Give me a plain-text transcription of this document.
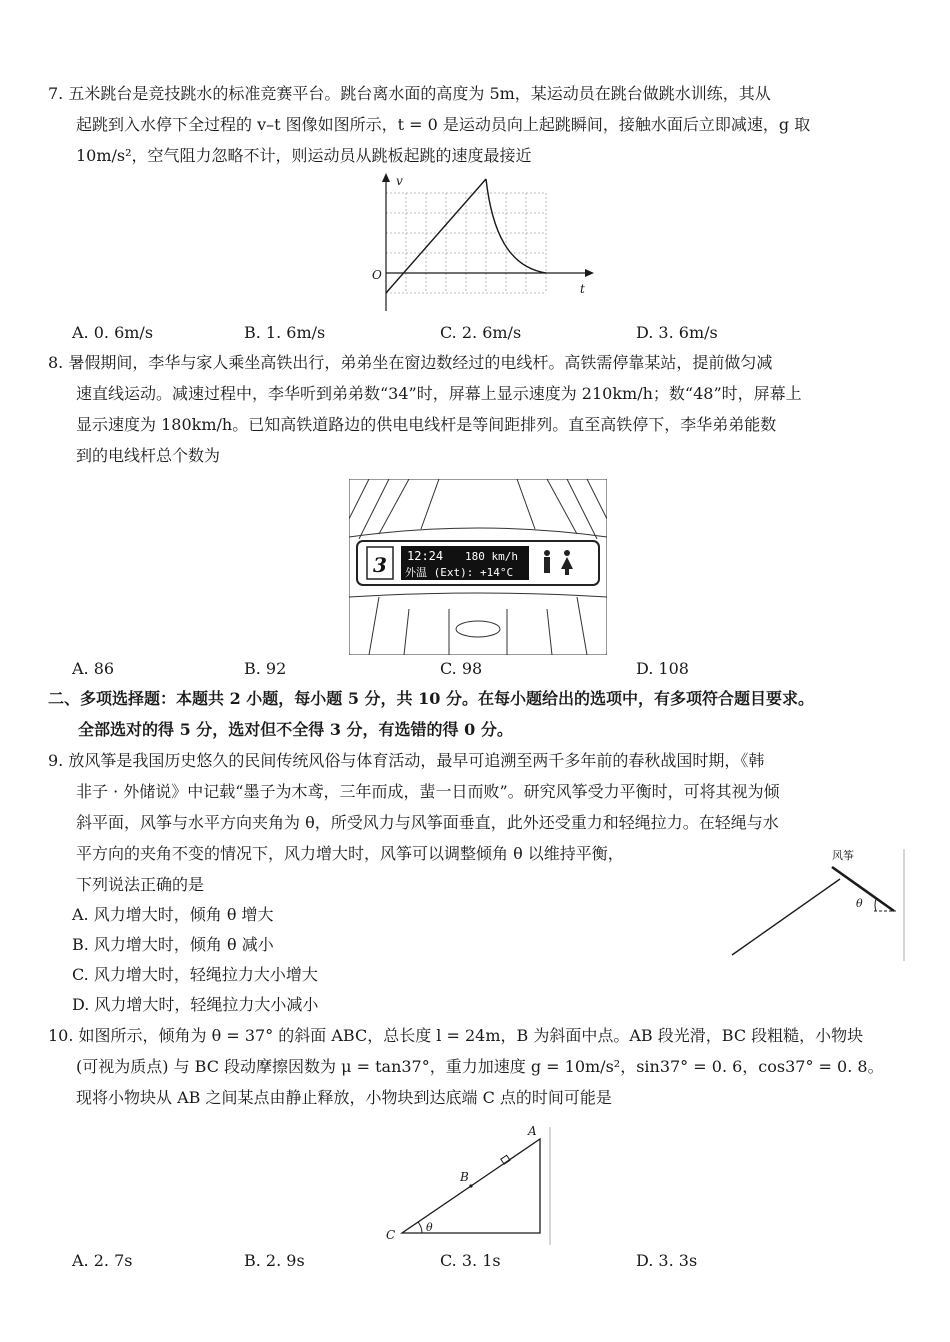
7. 五米跳台是竞技跳水的标准竞赛平台。跳台离水面的高度为 5m，某运动员在跳台做跳水训练，其从

起跳到入水停下全过程的 v–t 图像如图所示，t = 0 是运动员向上起跳瞬间，接触水面后立即减速，g 取

10m/s²，空气阻力忽略不计，则运动员从跳板起跳的速度最接近

v
t
O
A. 0. 6m/s	B. 1. 6m/s	C. 2. 6m/s	D. 3. 6m/s

8. 暑假期间，李华与家人乘坐高铁出行，弟弟坐在窗边数经过的电线杆。高铁需停靠某站，提前做匀减

速直线运动。减速过程中，李华听到弟弟数“34”时，屏幕上显示速度为 210km/h；数“48”时，屏幕上

显示速度为 180km/h。已知高铁道路边的供电电线杆是等间距排列。直至高铁停下，李华弟弟能数

到的电线杆总个数为

3 12:24 180 km/h
外温 (Ext): +14°C
A. 86	B. 92	C. 98	D. 108
二、多项选择题：本题共 2 小题，每小题 5 分，共 10 分。在每小题给出的选项中，有多项符合题目要求。
全部选对的得 5 分，选对但不全得 3 分，有选错的得 0 分。

9. 放风筝是我国历史悠久的民间传统风俗与体育活动，最早可追溯至两千多年前的春秋战国时期，《韩

非子 · 外储说》中记载“墨子为木鸢，三年而成，蜚一日而败”。研究风筝受力平衡时，可将其视为倾

斜平面，风筝与水平方向夹角为 θ，所受风力与风筝面垂直，此外还受重力和轻绳拉力。在轻绳与水

平方向的夹角不变的情况下，风力增大时，风筝可以调整倾角 θ 以维持平衡，

下列说法正确的是

A. 风力增大时，倾角 θ 增大

B. 风力增大时，倾角 θ 减小

C. 风力增大时，轻绳拉力大小增大

D. 风力增大时，轻绳拉力大小减小

风筝
θ

10. 如图所示，倾角为 θ = 37° 的斜面 ABC，总长度 l = 24m，B 为斜面中点。AB 段光滑，BC 段粗糙，小物块

(可视为质点) 与 BC 段动摩擦因数为 μ = tan37°，重力加速度 g = 10m/s²，sin37° = 0. 6，cos37° = 0. 8。

现将小物块从 AB 之间某点由静止释放，小物块到达底端 C 点的时间可能是

A
B
C
θ
A. 2. 7s	B. 2. 9s	C. 3. 1s	D. 3. 3s
